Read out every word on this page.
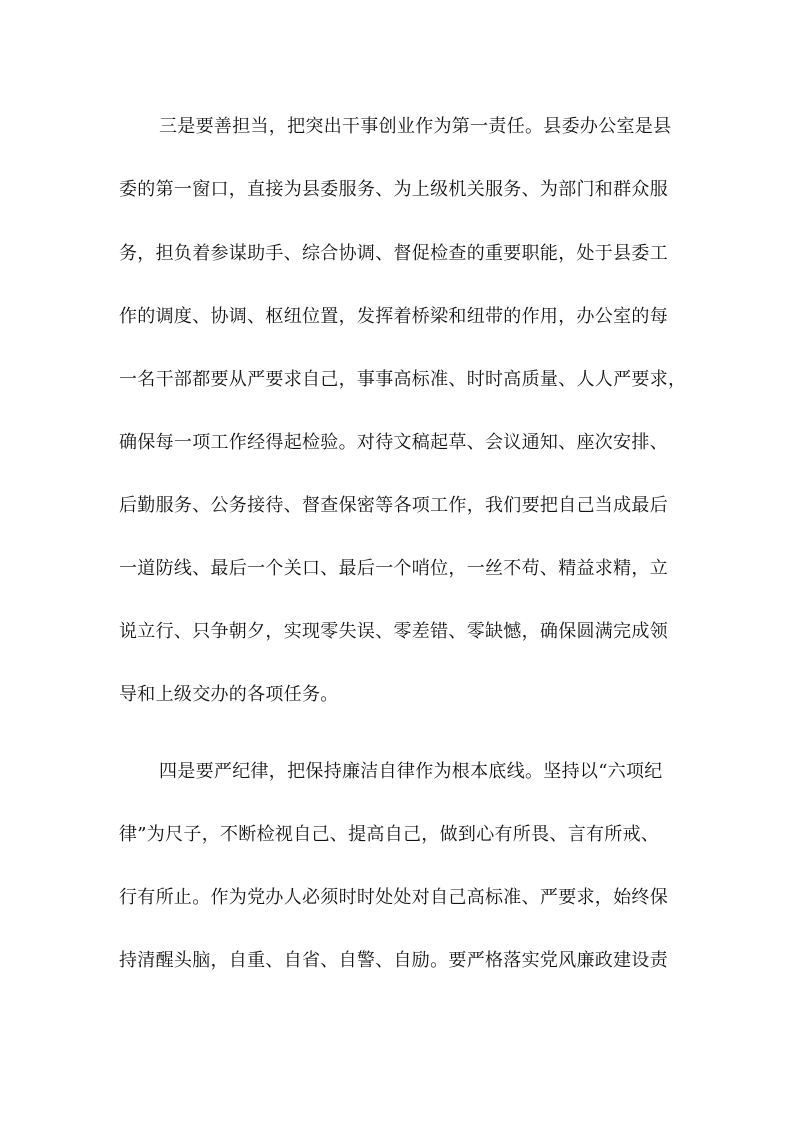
三是要善担当，把突出干事创业作为第一责任。县委办公室是县
委的第一窗口，直接为县委服务、为上级机关服务、为部门和群众服
务，担负着参谋助手、综合协调、督促检查的重要职能，处于县委工
作的调度、协调、枢纽位置，发挥着桥梁和纽带的作用，办公室的每
一名干部都要从严要求自己，事事高标准、时时高质量、人人严要求，
确保每一项工作经得起检验。对待文稿起草、会议通知、座次安排、
后勤服务、公务接待、督查保密等各项工作，我们要把自己当成最后
一道防线、最后一个关口、最后一个哨位，一丝不苟、精益求精，立
说立行、只争朝夕，实现零失误、零差错、零缺憾，确保圆满完成领
导和上级交办的各项任务。
四是要严纪律，把保持廉洁自律作为根本底线。坚持以“六项纪
律”为尺子，不断检视自己、提高自己，做到心有所畏、言有所戒、
行有所止。作为党办人必须时时处处对自己高标准、严要求，始终保
持清醒头脑，自重、自省、自警、自励。要严格落实党风廉政建设责
